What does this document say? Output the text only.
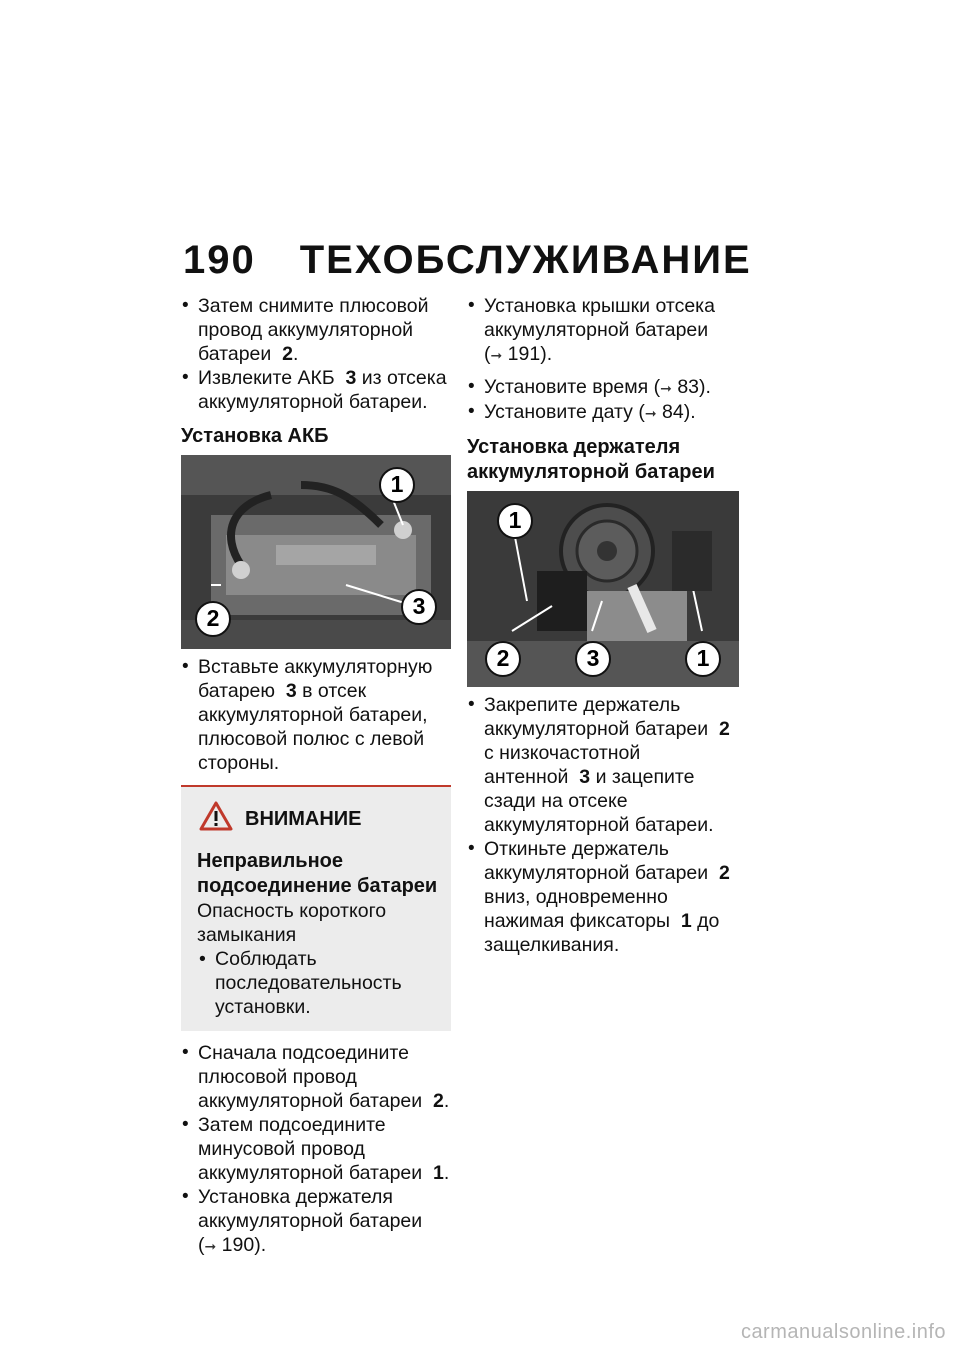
190 ТЕХОБСЛУЖИВАНИЕ

• Затем снимите плюсовой провод аккумуляторной батареи 2.

• Извлеките АКБ 3 из отсека аккумуляторной батареи.

Установка АКБ
1
2	3

• Вставьте аккумуляторную батарею 3 в отсек аккумуляторной батареи, плюсовой полюс с левой стороны.

ВНИМАНИЕ
Неправильное подсоединение батареи
Опасность короткого замыкания
• Соблюдать последовательность установки.

• Сначала подсоедините плюсовой провод аккумуляторной батареи 2.

• Затем подсоедините минусовой провод аккумуляторной батареи 1.

• Установка держателя аккумуляторной батареи (➞ 190).

• Установка крышки отсека аккумуляторной батареи (➞ 191).

• Установите время (➞ 83).

• Установите дату (➞ 84).

Установка держателя аккумуляторной батареи
1
2	3	1

• Закрепите держатель аккумуляторной батареи 2 с низкочастотной антенной 3 и зацепите сзади на отсеке аккумуляторной батареи.

• Откиньте держатель аккумуляторной батареи 2 вниз, одновременно нажимая фиксаторы 1 до защелкивания.

carmanualsonline.info
